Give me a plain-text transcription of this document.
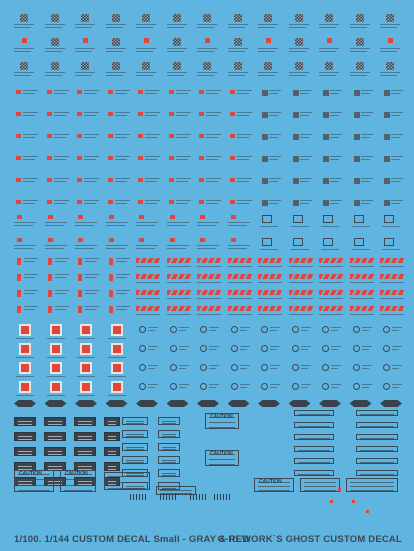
CAUTION	CAUTION
CAUTION
CAUTION
CAUTION
1/100. 1/144 CUSTOM DECAL Small - GRAY & RED
G-REWORK`S GHOST CUSTOM DECAL
